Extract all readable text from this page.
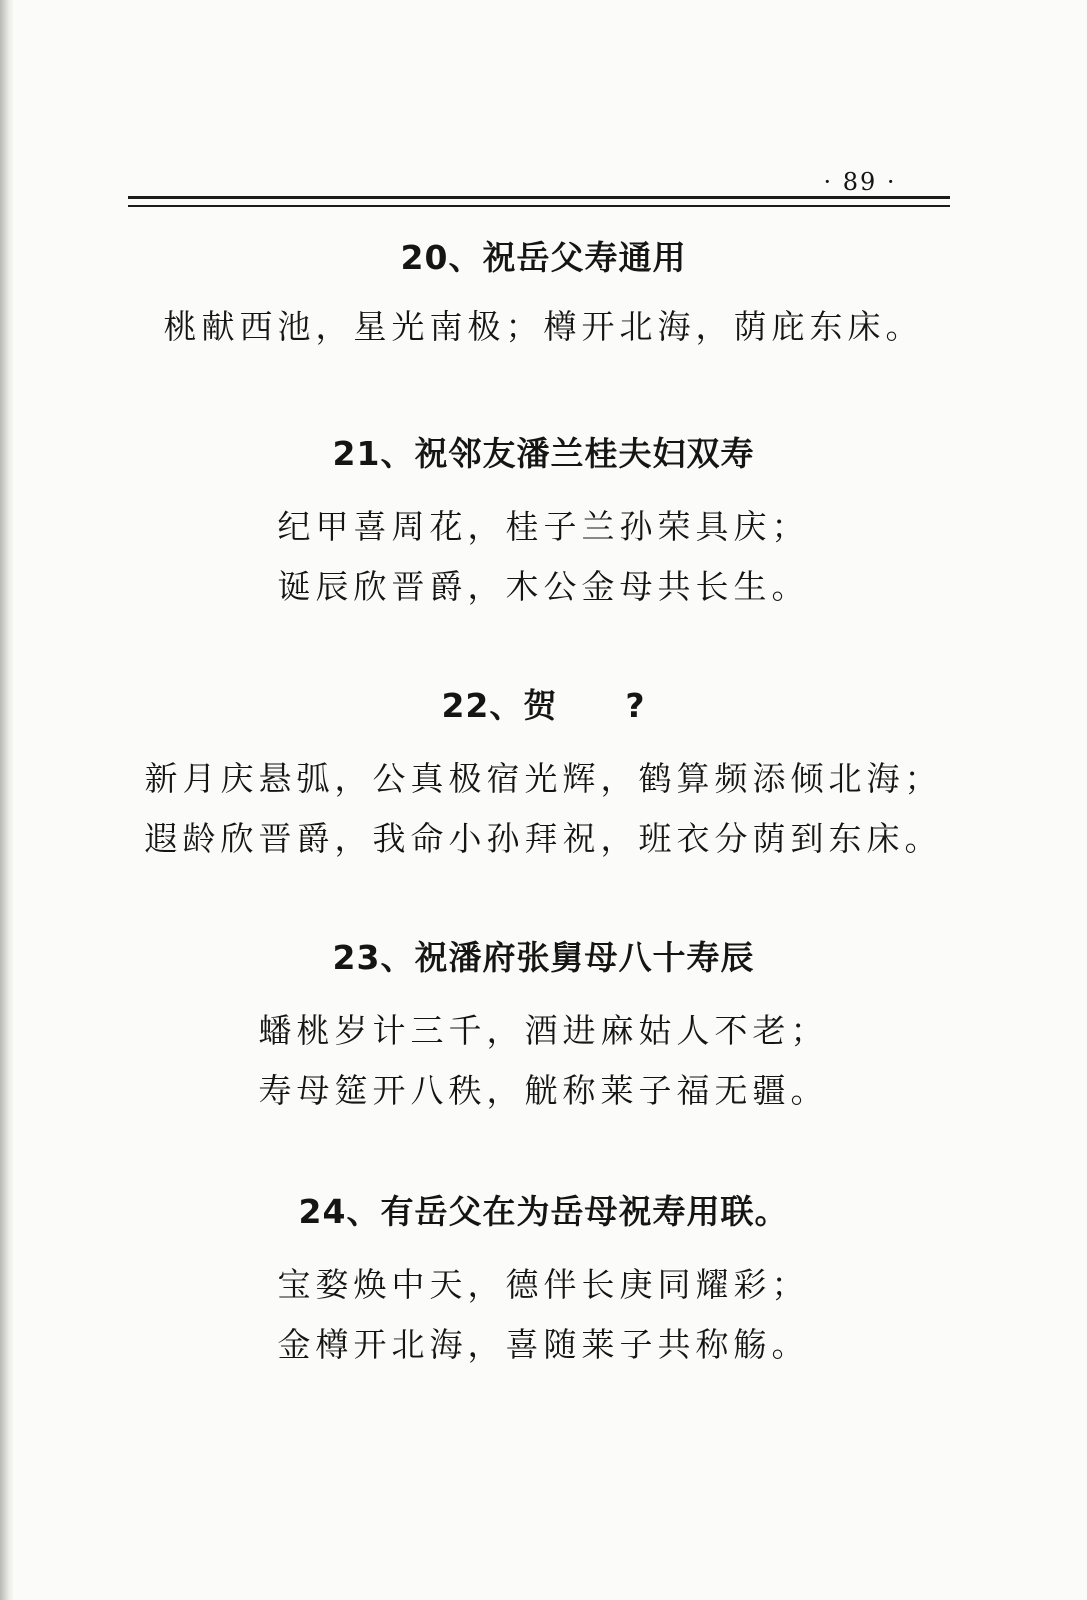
· 89 ·
20、祝岳父寿通用
桃献西池，星光南极；樽开北海，荫庇东床。
21、祝邻友潘兰桂夫妇双寿
纪甲喜周花，桂子兰孙荣具庆；
诞辰欣晋爵，木公金母共长生。
22、贺　　?
新月庆悬弧，公真极宿光辉，鹤算频添倾北海；
遐龄欣晋爵，我命小孙拜祝，班衣分荫到东床。
23、祝潘府张舅母八十寿辰
蟠桃岁计三千，酒进麻姑人不老；
寿母筵开八秩，觥称莱子福无疆。
24、有岳父在为岳母祝寿用联。
宝婺焕中天，德伴长庚同耀彩；
金樽开北海，喜随莱子共称觞。
